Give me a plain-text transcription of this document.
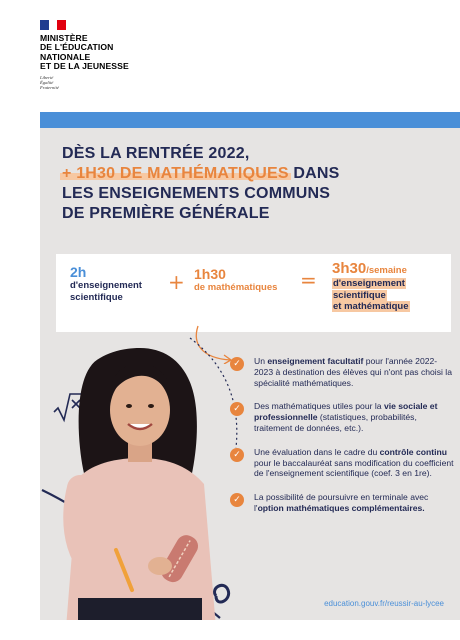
MINISTÈRE
DE L'ÉDUCATION
NATIONALE
ET DE LA JEUNESSE
Liberté
Égalité
Fraternité
DÈS LA RENTRÉE 2022,
+ 1H30 DE MATHÉMATIQUES DANS
LES ENSEIGNEMENTS COMMUNS
DE PREMIÈRE GÉNÉRALE
2h
d'enseignement
scientifique
+ 1h30
de mathématiques = 3h30/semaine
d'enseignement
scientifique
et mathématique
✓	Un enseignement facultatif pour l'année 2022-2023 à destination des élèves qui n'ont pas choisi la spécialité mathématiques.
✓	Des mathématiques utiles pour la vie sociale et professionnelle (statistiques, probabilités, traitement de données, etc.).
✓	Une évaluation dans le cadre du contrôle continu pour le baccalauréat sans modification du coefficient de l'enseignement scientifique (coef. 3 en 1re).
✓	La possibilité de poursuivre en terminale avec l'option mathématiques complémentaires.
education.gouv.fr/reussir-au-lycee
